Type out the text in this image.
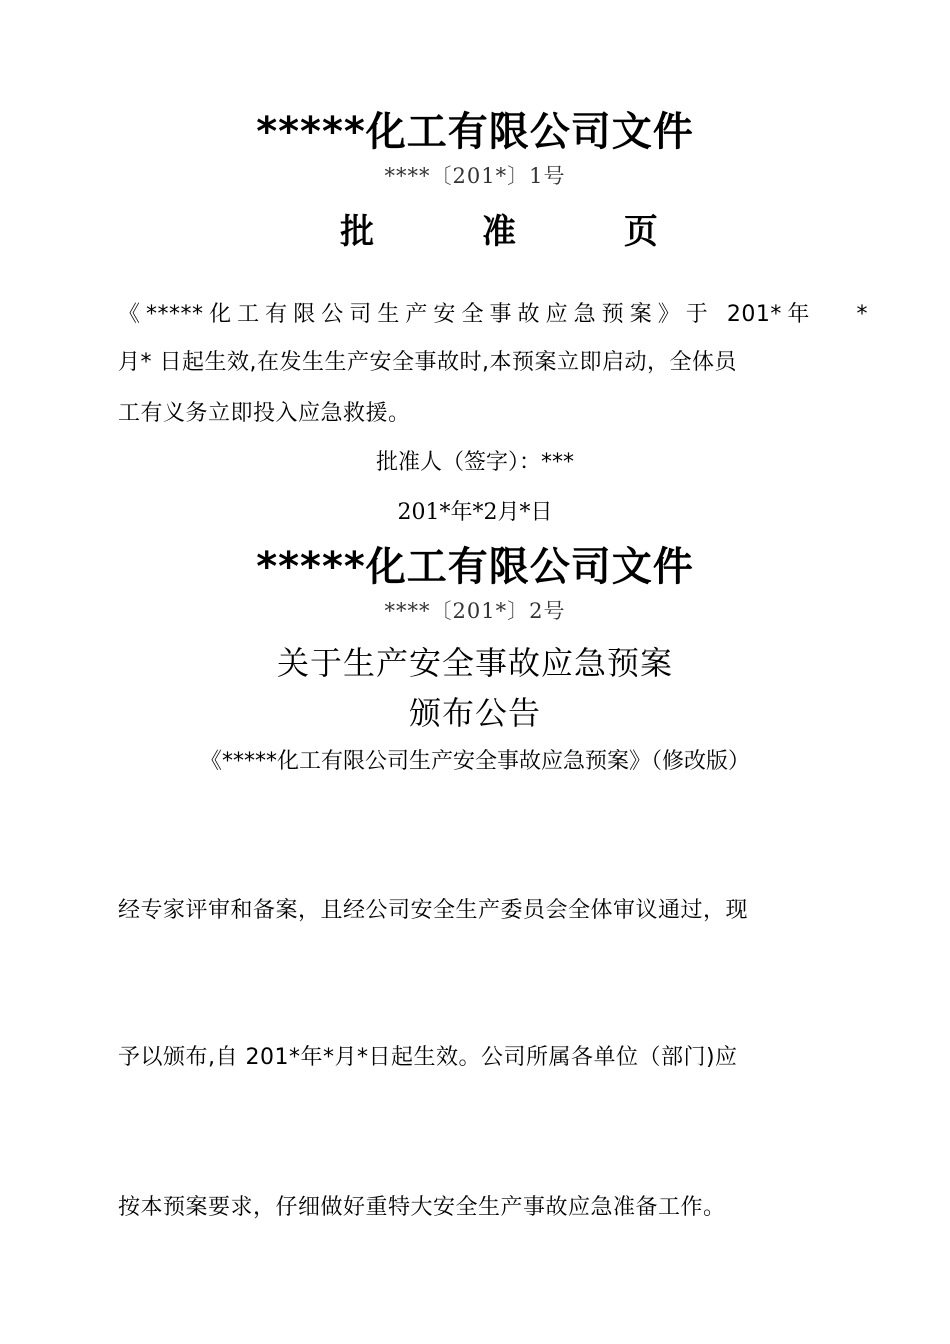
*****化工有限公司文件
****〔201*〕1号
批 准 页
《*****化工有限公司生产安全事故应急预案》于 201*年　 *
月* 日起生效,在发生生产安全事故时,本预案立即启动，全体员
工有义务立即投入应急救援。
批准人（签字）：***
201*年*2月*日
*****化工有限公司文件
****〔201*〕2号
关于生产安全事故应急预案
颁布公告
《*****化工有限公司生产安全事故应急预案》（修改版）
经专家评审和备案，且经公司安全生产委员会全体审议通过，现
予以颁布,自 201*年*月*日起生效。公司所属各单位（部门)应
按本预案要求，仔细做好重特大安全生产事故应急准备工作。
